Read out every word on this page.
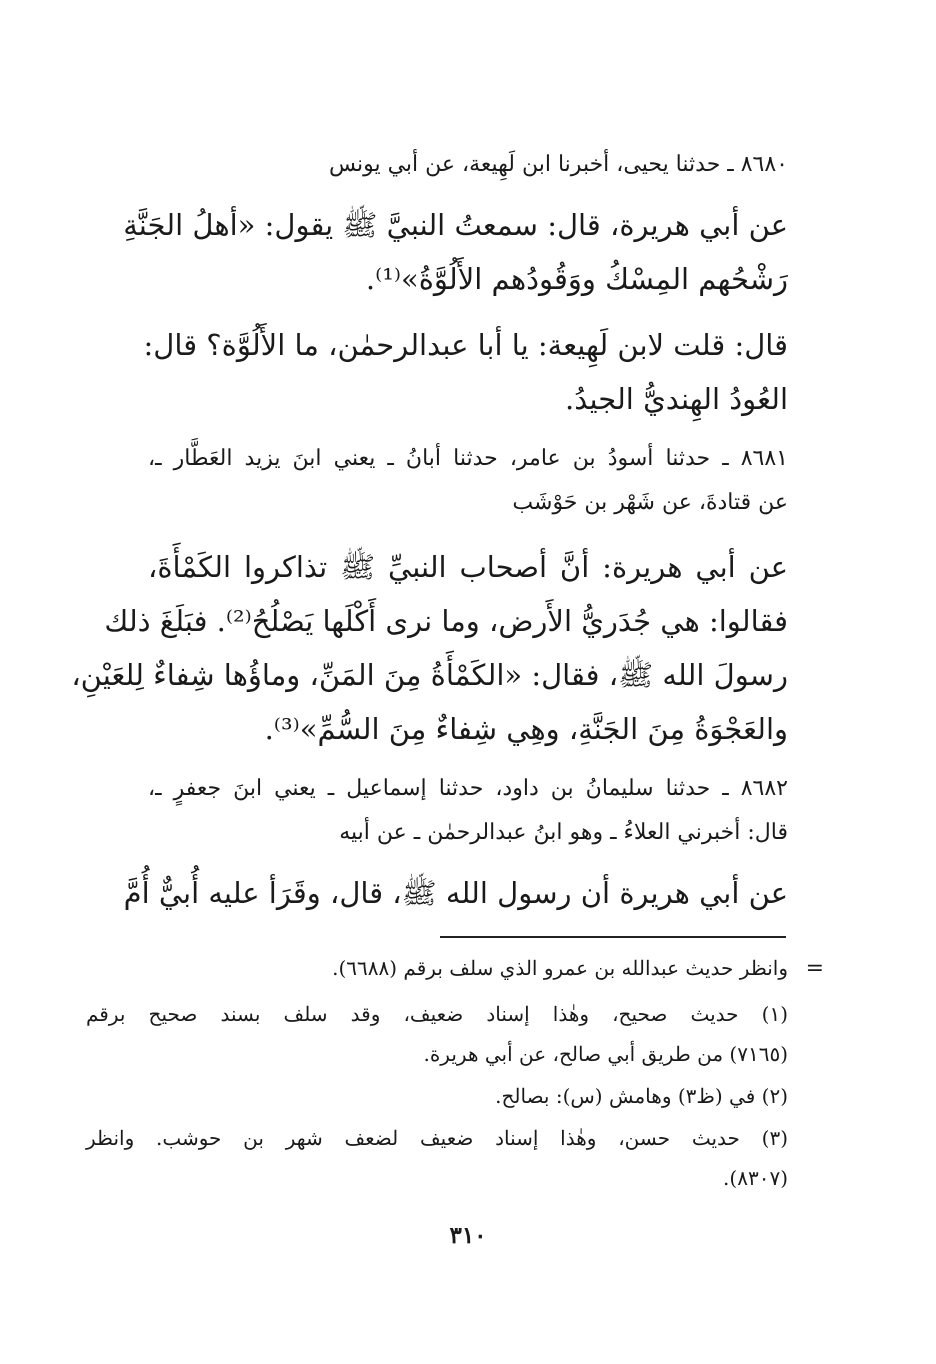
٨٦٨٠ ـ حدثنا يحيى، أخبرنا ابن لَهِيعة، عن أبي يونس
عن أبي هريرة، قال: سمعتُ النبيَّ ﷺ يقول: «أهلُ الجَنَّةِ
رَشْحُهم المِسْكُ ووَقُودُهم الأَلُوَّةُ»⁽¹⁾.
قال: قلت لابن لَهِيعة: يا أبا عبدالرحمٰن، ما الأَلُوَّة؟ قال:
العُودُ الهِنديُّ الجيدُ.
٨٦٨١ ـ حدثنا أسودُ بن عامر، حدثنا أبانُ ـ يعني ابنَ يزيد العَطَّار ـ،
عن قتادةَ، عن شَهْر بن حَوْشَب
عن أبي هريرة: أنَّ أصحاب النبيِّ ﷺ تذاكروا الكَمْأَةَ،
فقالوا: هي جُدَريُّ الأَرض، وما نرى أَكْلَها يَصْلُحُ⁽²⁾. فبَلَغَ ذلك
رسولَ الله ﷺ، فقال: «الكَمْأَةُ مِنَ المَنِّ، وماؤُها شِفاءٌ لِلعَيْنِ،
والعَجْوَةُ مِنَ الجَنَّةِ، وهِي شِفاءٌ مِنَ السُّمِّ»⁽³⁾.
٨٦٨٢ ـ حدثنا سليمانُ بن داود، حدثنا إسماعيل ـ يعني ابنَ جعفرٍ ـ،
قال: أخبرني العلاءُ ـ وهو ابنُ عبدالرحمٰن ـ عن أبيه
عن أبي هريرة أن رسول الله ﷺ، قال، وقَرَأ عليه أُبيٌّ أُمَّ
=
وانظر حديث عبدالله بن عمرو الذي سلف برقم (٦٦٨٨).
(١) حديث صحيح، وهٰذا إسناد ضعيف، وقد سلف بسند صحيح برقم
(٧١٦٥) من طريق أبي صالح، عن أبي هريرة.
(٢) في (ظ٣) وهامش (س): بصالح.
(٣) حديث حسن، وهٰذا إسناد ضعيف لضعف شهر بن حوشب. وانظر
(٨٣٠٧).
٣١٠
